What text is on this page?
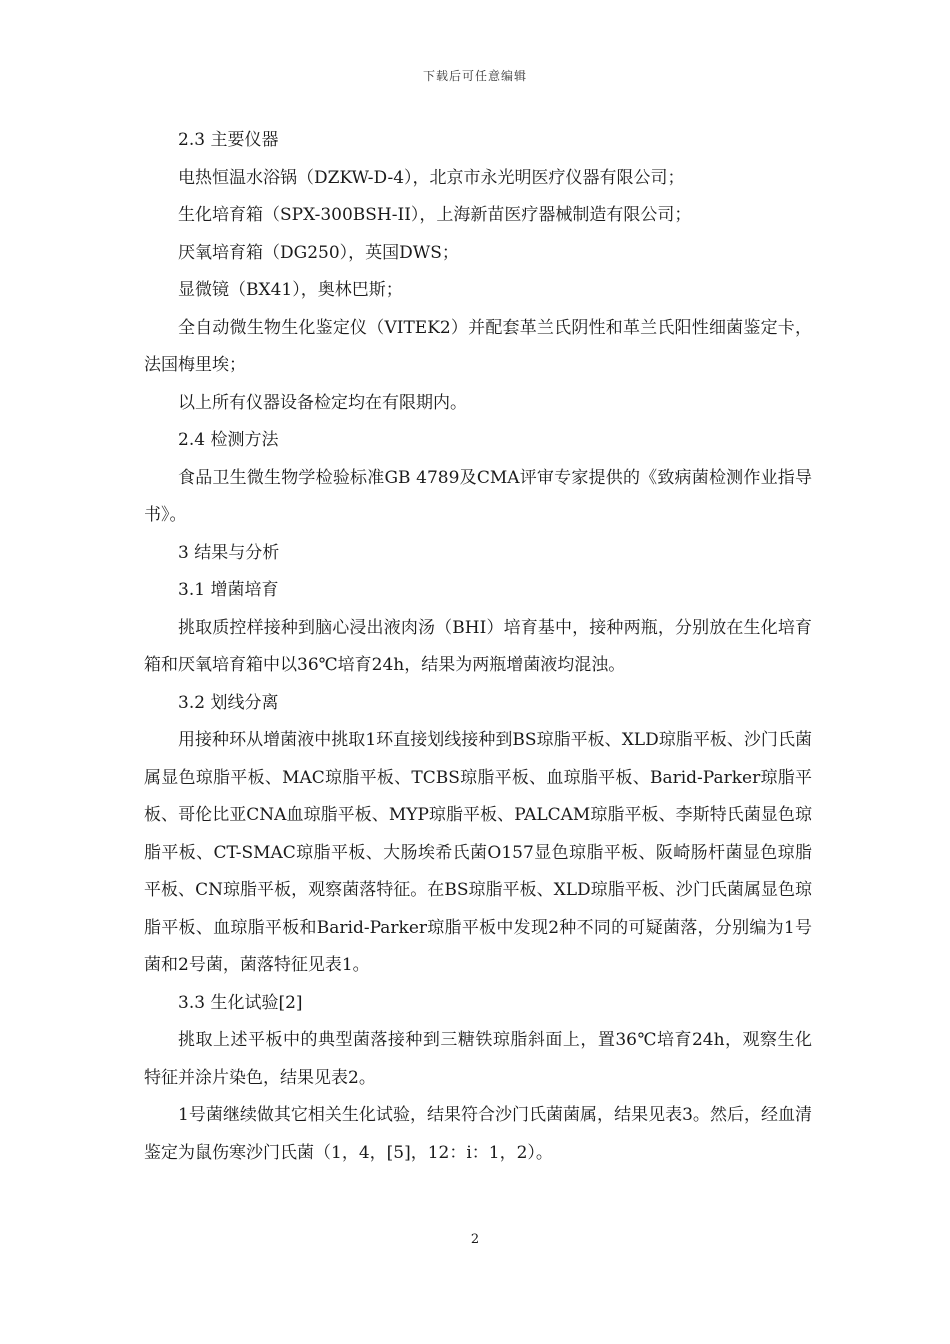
下载后可任意编辑

2.3 主要仪器

电热恒温水浴锅（DZKW-D-4），北京市永光明医疗仪器有限公司；

生化培育箱（SPX-300BSH-II），上海新苗医疗器械制造有限公司；

厌氧培育箱（DG250），英国DWS；

显微镜（BX41），奥林巴斯；

全自动微生物生化鉴定仪（VITEK2）并配套革兰氏阴性和革兰氏阳性细菌鉴定卡，法国梅里埃；

以上所有仪器设备检定均在有限期内。

2.4 检测方法

食品卫生微生物学检验标准GB 4789及CMA评审专家提供的《致病菌检测作业指导书》。

3 结果与分析

3.1 增菌培育

挑取质控样接种到脑心浸出液肉汤（BHI）培育基中，接种两瓶，分别放在生化培育箱和厌氧培育箱中以36℃培育24h，结果为两瓶增菌液均混浊。

3.2 划线分离

用接种环从增菌液中挑取1环直接划线接种到BS琼脂平板、XLD琼脂平板、沙门氏菌属显色琼脂平板、MAC琼脂平板、TCBS琼脂平板、血琼脂平板、Barid-Parker琼脂平板、哥伦比亚CNA血琼脂平板、MYP琼脂平板、PALCAM琼脂平板、李斯特氏菌显色琼脂平板、CT-SMAC琼脂平板、大肠埃希氏菌O157显色琼脂平板、阪崎肠杆菌显色琼脂平板、CN琼脂平板，观察菌落特征。在BS琼脂平板、XLD琼脂平板、沙门氏菌属显色琼脂平板、血琼脂平板和Barid-Parker琼脂平板中发现2种不同的可疑菌落，分别编为1号菌和2号菌，菌落特征见表1。

3.3 生化试验[2]

挑取上述平板中的典型菌落接种到三糖铁琼脂斜面上，置36℃培育24h，观察生化特征并涂片染色，结果见表2。

1号菌继续做其它相关生化试验，结果符合沙门氏菌菌属，结果见表3。然后，经血清鉴定为鼠伤寒沙门氏菌（1，4，[5]，12：i：1，2）。

2
